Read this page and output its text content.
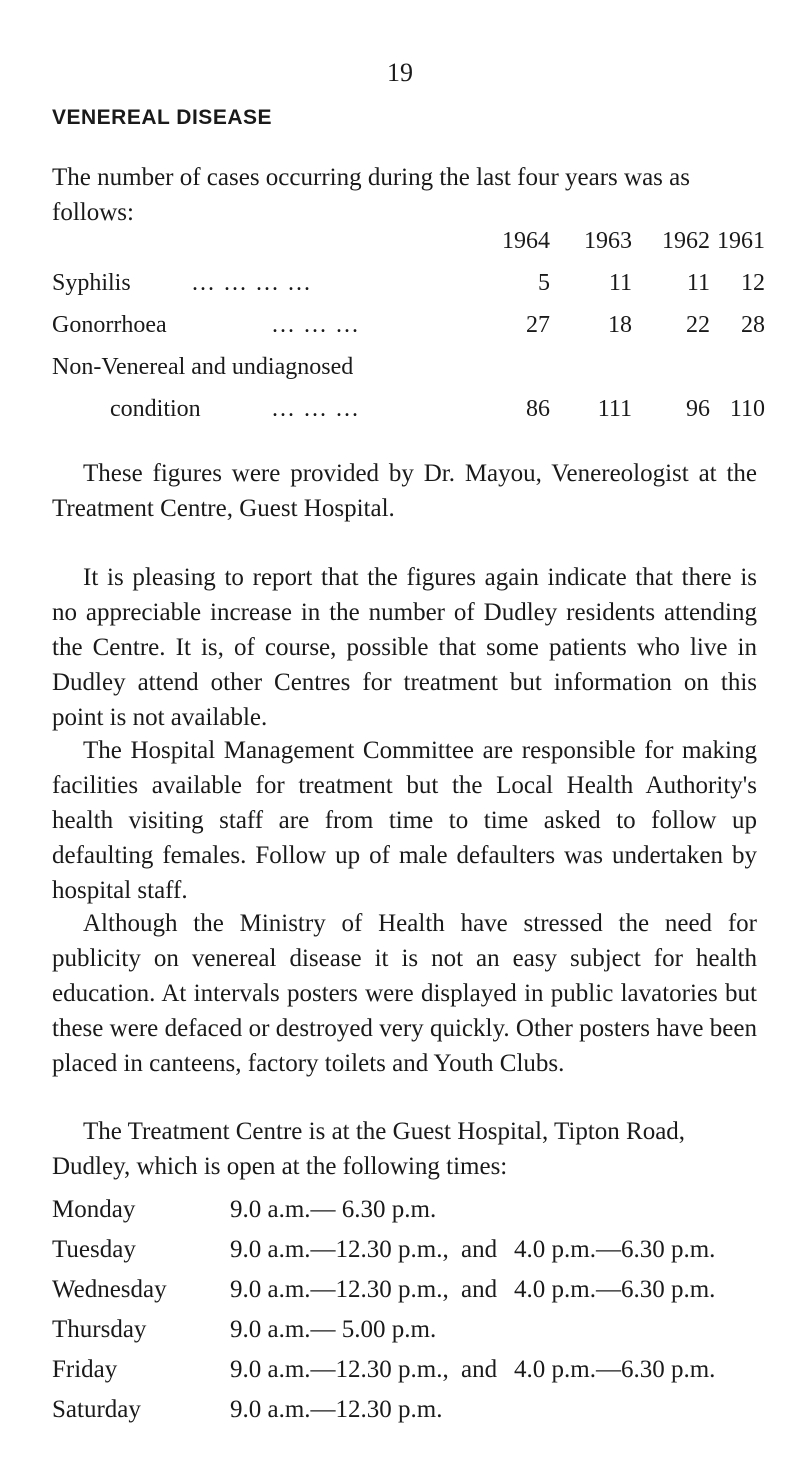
19
VENEREAL DISEASE

The number of cases occurring during the last four years was as follows:

1964	1963	1962 1961
Syphilis	... ... ... ...	5	11	11	12
Gonorrhoea	... ... ...	27	18	22	28
Non-Venereal and undiagnosed
condition	... ... ...	86	111	96 110

These figures were provided by Dr. Mayou, Venereologist at the Treatment Centre, Guest Hospital.

It is pleasing to report that the figures again indicate that there is no appreciable increase in the number of Dudley residents attending the Centre. It is, of course, possible that some patients who live in Dudley attend other Centres for treatment but information on this point is not available.

The Hospital Management Committee are responsible for making facilities available for treatment but the Local Health Authority's health visiting staff are from time to time asked to follow up defaulting females. Follow up of male defaulters was undertaken by hospital staff.

Although the Ministry of Health have stressed the need for publicity on venereal disease it is not an easy subject for health education. At intervals posters were displayed in public lavatories but these were defaced or destroyed very quickly. Other posters have been placed in canteens, factory toilets and Youth Clubs.

The Treatment Centre is at the Guest Hospital, Tipton Road, Dudley, which is open at the following times:

Monday	9.0 a.m.— 6.30 p.m.
Tuesday	9.0 a.m.—12.30 p.m., and 4.0 p.m.—6.30 p.m.
Wednesday	9.0 a.m.—12.30 p.m., and 4.0 p.m.—6.30 p.m.
Thursday	9.0 a.m.— 5.00 p.m.
Friday	9.0 a.m.—12.30 p.m., and 4.0 p.m.—6.30 p.m.
Saturday	9.0 a.m.—12.30 p.m.
